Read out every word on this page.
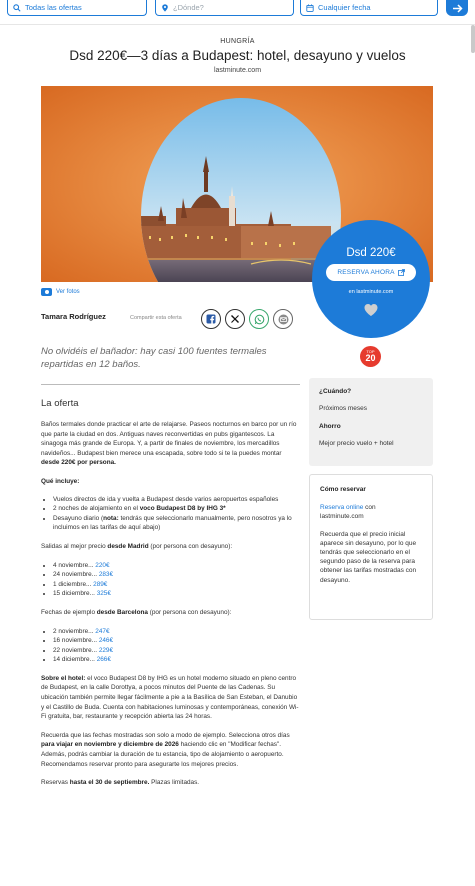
Todas las ofertas	¿Dónde?	Cualquier fecha
HUNGRÍA
Dsd 220€—3 días a Budapest: hotel, desayuno y vuelos
lastminute.com
Dsd 220€
RESERVA AHORA
en lastminute.com
Ver fotos
Tamara Rodríguez	Compartir esta oferta
No olvidéis el bañador: hay casi 100 fuentes termales repartidas en 12 baños.
TOP
20
La oferta

Baños termales donde practicar el arte de relajarse. Paseos nocturnos en barco por un río que parte la ciudad en dos. Antiguas naves reconvertidas en pubs gigantescos. La sinagoga más grande de Europa. Y, a partir de finales de noviembre, los mercadillos navideños... Budapest bien merece una escapada, sobre todo si te la puedes montar desde 220€ por persona.

Qué incluye:
• Vuelos directos de ida y vuelta a Budapest desde varios aeropuertos españoles
• 2 noches de alojamiento en el voco Budapest D8 by IHG 3*
• Desayuno diario (nota: tendrás que seleccionarlo manualmente, pero nosotros ya lo incluimos en las tarifas de aquí abajo)

Salidas al mejor precio desde Madrid (por persona con desayuno):

• 4 noviembre... 220€
• 24 noviembre... 283€
• 1 diciembre... 289€
• 15 diciembre... 325€

Fechas de ejemplo desde Barcelona (por persona con desayuno):

• 2 noviembre... 247€
• 16 noviembre... 246€
• 22 noviembre... 229€
• 14 diciembre... 266€

Sobre el hotel: el voco Budapest D8 by IHG es un hotel moderno situado en pleno centro de Budapest, en la calle Dorottya, a pocos minutos del Puente de las Cadenas. Su ubicación también permite llegar fácilmente a pie a la Basílica de San Esteban, el Danubio y el Castillo de Buda. Cuenta con habitaciones luminosas y contemporáneas, conexión Wi-Fi gratuita, bar, restaurante y recepción abierta las 24 horas.

Recuerda que las fechas mostradas son solo a modo de ejemplo. Selecciona otros días para viajar en noviembre y diciembre de 2026 haciendo clic en "Modificar fechas". Además, podrás cambiar la duración de tu estancia, tipo de alojamiento o aeropuerto. Recomendamos reservar pronto para asegurarte los mejores precios.

Reservas hasta el 30 de septiembre. Plazas limitadas.

¿Cuándo?
Próximos meses
Ahorro
Mejor precio vuelo + hotel
Cómo reservar

Reserva online con
lastminute.com

Recuerda que el precio inicial aparece sin desayuno, por lo que tendrás que seleccionarlo en el segundo paso de la reserva para obtener las tarifas mostradas con desayuno.
